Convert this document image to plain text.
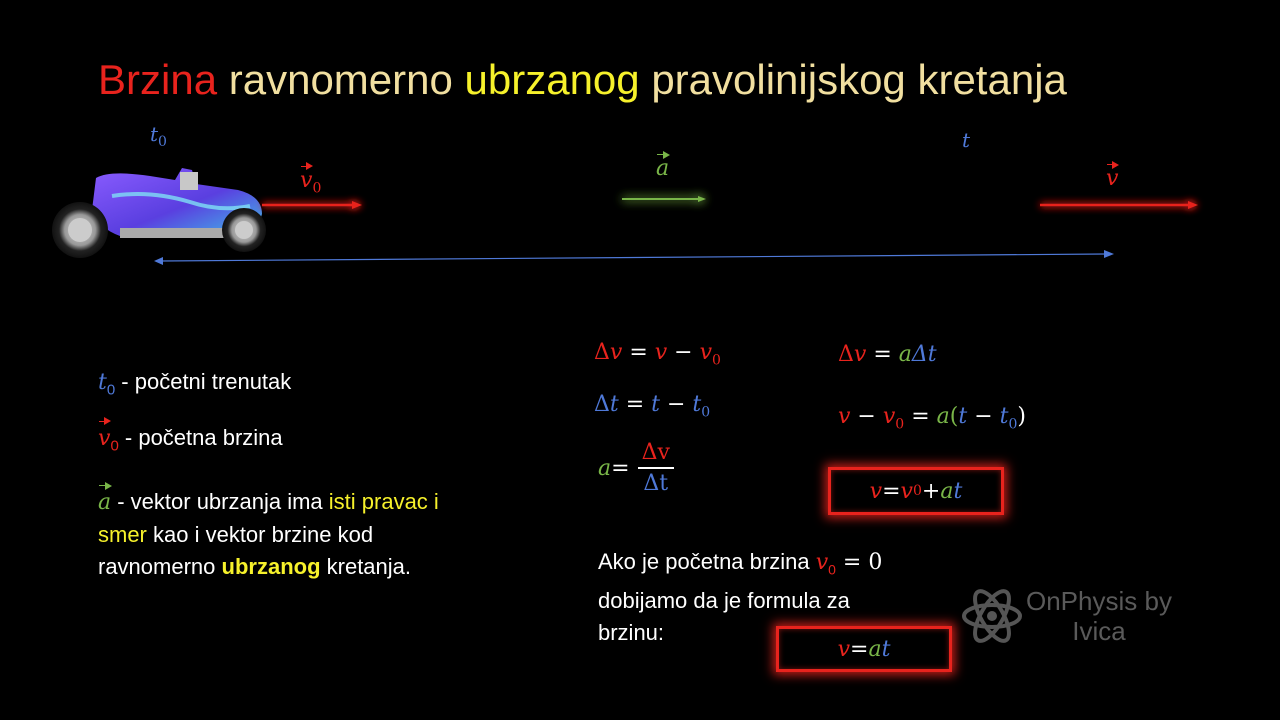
Brzina ravnomerno ubrzanog pravolinijskog kretanja
$t_0$	t
$v_0$
a	v
$t_0$ - početni trenutak
$v_0$ - početna brzina
a - vektor ubrzanja ima isti pravac i
smer kao i vektor brzine kod
ravnomerno ubrzanog kretanja.
$\Delta v = v - v_0$
$\Delta t = t - t_0$
$a = \frac{\Delta v}{\Delta t}$
Δv = aΔt
$v - v_0 = a(t - t_0)$
v = v 0 + a t
Ako je početna brzina $v_0 = 0$
dobijamo da je formula za
brzinu:
v = a t
OnPhysis by
Ivica
